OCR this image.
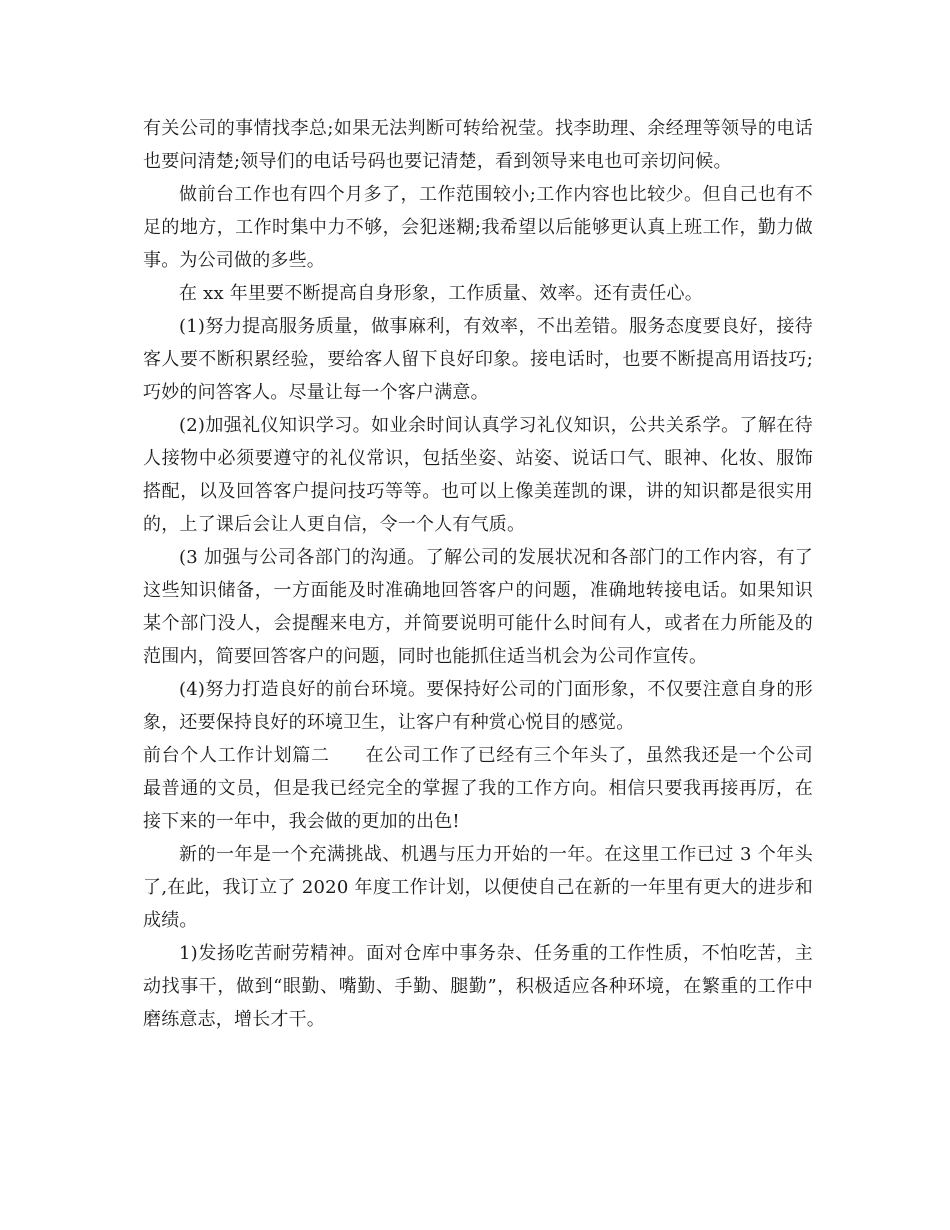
有关公司的事情找李总;如果无法判断可转给祝莹。找李助理、余经理等领导的电话也要问清楚;领导们的电话号码也要记清楚，看到领导来电也可亲切问候。

做前台工作也有四个月多了，工作范围较小;工作内容也比较少。但自己也有不足的地方，工作时集中力不够，会犯迷糊;我希望以后能够更认真上班工作，勤力做事。为公司做的多些。

在 xx 年里要不断提高自身形象，工作质量、效率。还有责任心。

(1)努力提高服务质量，做事麻利，有效率，不出差错。服务态度要良好，接待客人要不断积累经验，要给客人留下良好印象。接电话时，也要不断提高用语技巧;巧妙的问答客人。尽量让每一个客户满意。

(2)加强礼仪知识学习。如业余时间认真学习礼仪知识，公共关系学。了解在待人接物中必须要遵守的礼仪常识，包括坐姿、站姿、说话口气、眼神、化妆、服饰搭配，以及回答客户提问技巧等等。也可以上像美莲凯的课，讲的知识都是很实用的，上了课后会让人更自信，令一个人有气质。

(3 加强与公司各部门的沟通。了解公司的发展状况和各部门的工作内容，有了这些知识储备，一方面能及时准确地回答客户的问题，准确地转接电话。如果知识某个部门没人，会提醒来电方，并简要说明可能什么时间有人，或者在力所能及的范围内，简要回答客户的问题，同时也能抓住适当机会为公司作宣传。

(4)努力打造良好的前台环境。要保持好公司的门面形象，不仅要注意自身的形象，还要保持良好的环境卫生，让客户有种赏心悦目的感觉。

前台个人工作计划篇二 在公司工作了已经有三个年头了，虽然我还是一个公司最普通的文员，但是我已经完全的掌握了我的工作方向。相信只要我再接再厉，在接下来的一年中，我会做的更加的出色!

新的一年是一个充满挑战、机遇与压力开始的一年。在这里工作已过 3 个年头了,在此，我订立了 2020 年度工作计划，以便使自己在新的一年里有更大的进步和成绩。

1)发扬吃苦耐劳精神。面对仓库中事务杂、任务重的工作性质，不怕吃苦，主动找事干，做到“眼勤、嘴勤、手勤、腿勤”，积极适应各种环境，在繁重的工作中磨练意志，增长才干。
